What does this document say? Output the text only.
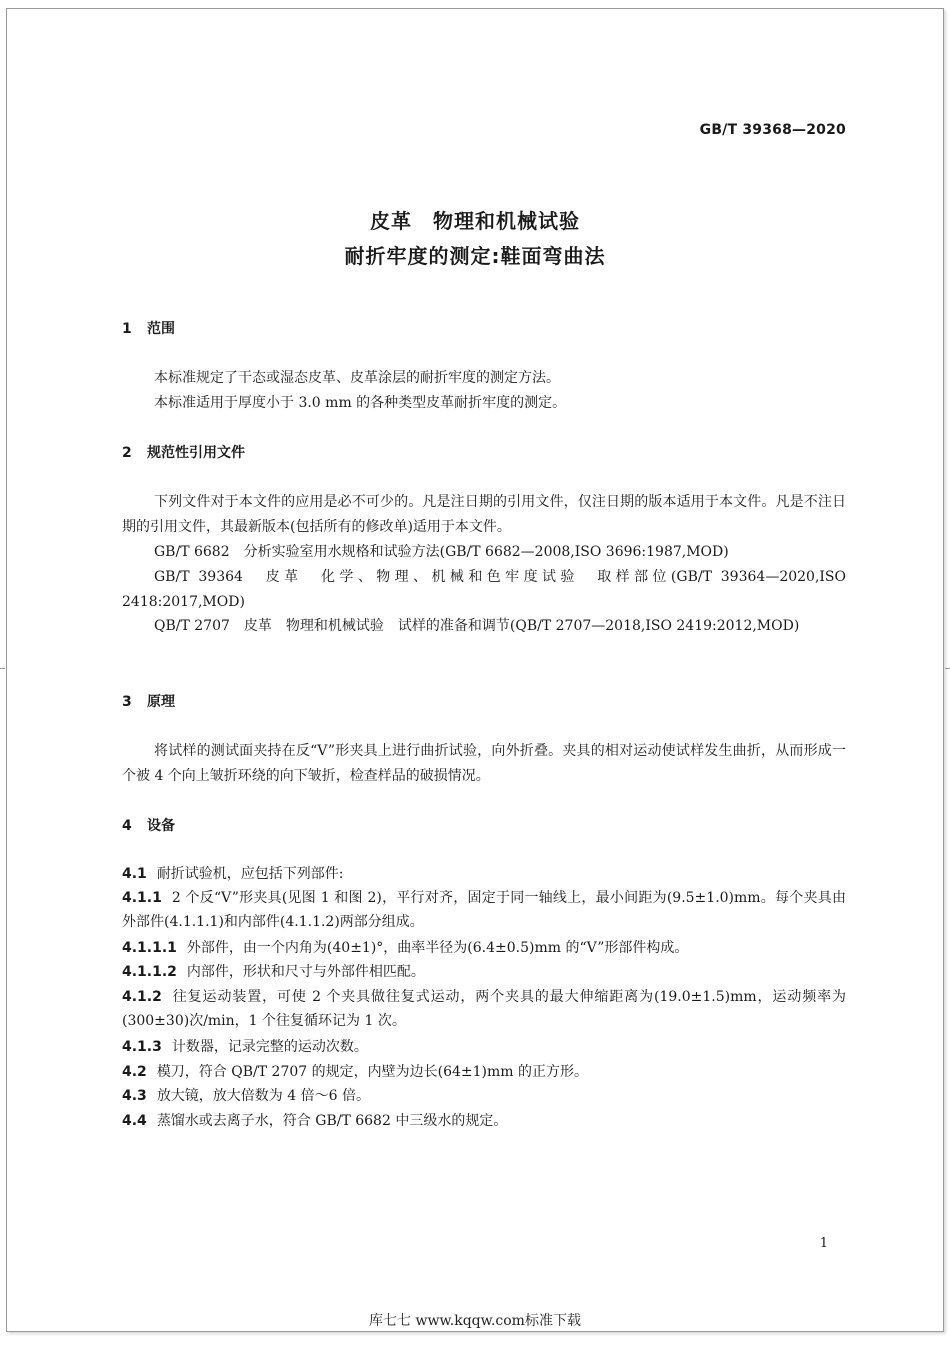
GB/T 39368—2020
皮革　物理和机械试验
耐折牢度的测定:鞋面弯曲法
1 范围
本标准规定了干态或湿态皮革、皮革涂层的耐折牢度的测定方法。
本标准适用于厚度小于 3.0 mm 的各种类型皮革耐折牢度的测定。
2 规范性引用文件
下列文件对于本文件的应用是必不可少的。凡是注日期的引用文件，仅注日期的版本适用于本文件。凡是不注日期的引用文件，其最新版本(包括所有的修改单)适用于本文件。
GB/T 6682　分析实验室用水规格和试验方法(GB/T 6682—2008,ISO 3696:1987,MOD)
GB/T 39364　皮革　化学、物理、机械和色牢度试验　取样部位(GB/T 39364—2020,ISO 2418:2017,MOD)
QB/T 2707　皮革　物理和机械试验　试样的准备和调节(QB/T 2707—2018,ISO 2419:2012,MOD)
3 原理
将试样的测试面夹持在反“V”形夹具上进行曲折试验，向外折叠。夹具的相对运动使试样发生曲折，从而形成一个被 4 个向上皱折环绕的向下皱折，检查样品的破损情况。
4 设备
4.1 耐折试验机，应包括下列部件:
4.1.1 2 个反“V”形夹具(见图 1 和图 2)，平行对齐，固定于同一轴线上，最小间距为(9.5±1.0)mm。每个夹具由外部件(4.1.1.1)和内部件(4.1.1.2)两部分组成。
4.1.1.1 外部件，由一个内角为(40±1)°，曲率半径为(6.4±0.5)mm 的“V”形部件构成。
4.1.1.2 内部件，形状和尺寸与外部件相匹配。
4.1.2 往复运动装置，可使 2 个夹具做往复式运动，两个夹具的最大伸缩距离为(19.0±1.5)mm，运动频率为(300±30)次/min，1 个往复循环记为 1 次。
4.1.3 计数器，记录完整的运动次数。
4.2 模刀，符合 QB/T 2707 的规定，内壁为边长(64±1)mm 的正方形。
4.3 放大镜，放大倍数为 4 倍～6 倍。
4.4 蒸馏水或去离子水，符合 GB/T 6682 中三级水的规定。
1
库七七 www.kqqw.com标准下载
